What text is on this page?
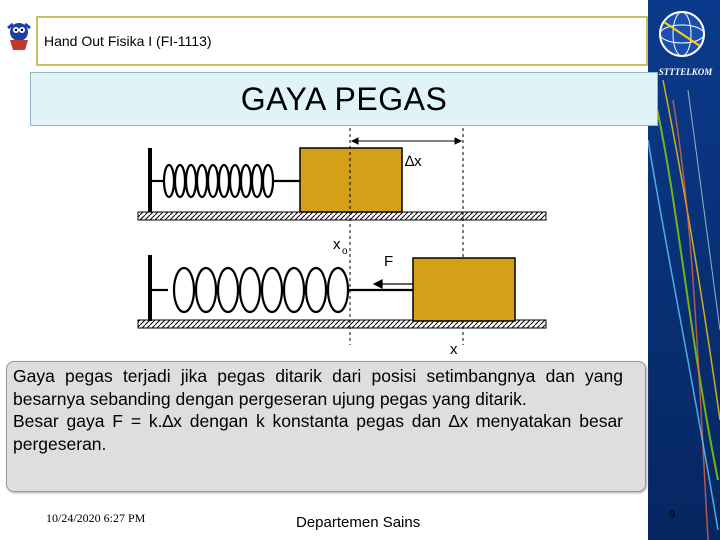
STTTELKOM
Hand Out Fisika I (FI-1113)
GAYA PEGAS
∆x
x o
F
x

Gaya pegas terjadi jika pegas ditarik dari posisi setimbangnya dan yang besarnya sebanding dengan pergeseran ujung pegas yang ditarik.

Besar gaya F = k.∆x dengan k konstanta pegas dan ∆x menyatakan besar pergeseran.

10/24/2020 6:27 PM	Departemen Sains	9
